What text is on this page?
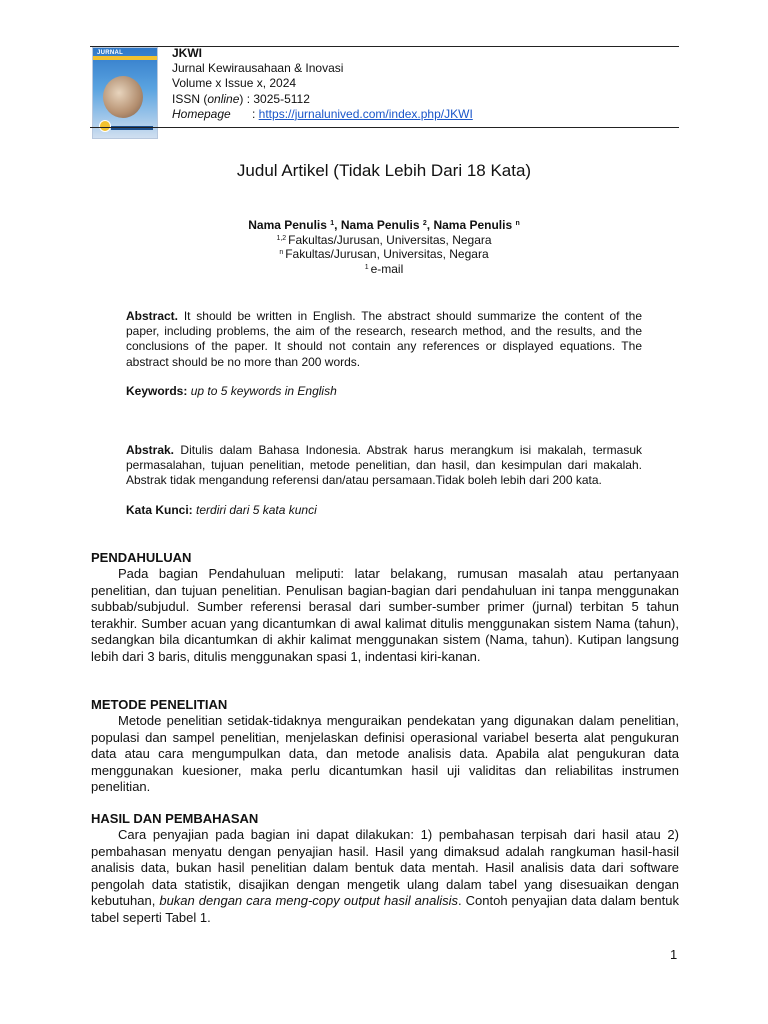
JURNAL	JKWI
Jurnal Kewirausahaan & Inovasi
Volume x Issue x, 2024
ISSN (online) : 3025-5112
Homepage : https://jurnalunived.com/index.php/JKWI
Judul Artikel (Tidak Lebih Dari 18 Kata)
Nama Penulis $^1$, Nama Penulis $^2$, Nama Penulis $^n$
$^{1,2}$ Fakultas/Jurusan, Universitas, Negara
$^n$ Fakultas/Jurusan, Universitas, Negara
$^1$ e-mail
Abstract. It should be written in English. The abstract should summarize the content of the paper, including problems, the aim of the research, research method, and the results, and the conclusions of the paper. It should not contain any references or displayed equations. The abstract should be no more than 200 words.
Keywords: up to 5 keywords in English
Abstrak. Ditulis dalam Bahasa Indonesia. Abstrak harus merangkum isi makalah, termasuk permasalahan, tujuan penelitian, metode penelitian, dan hasil, dan kesimpulan dari makalah. Abstrak tidak mengandung referensi dan/atau persamaan.Tidak boleh lebih dari 200 kata.
Kata Kunci: terdiri dari 5 kata kunci
PENDAHULUAN
Pada bagian Pendahuluan meliputi: latar belakang, rumusan masalah atau pertanyaan penelitian, dan tujuan penelitian. Penulisan bagian-bagian dari pendahuluan ini tanpa menggunakan subbab/subjudul. Sumber referensi berasal dari sumber-sumber primer (jurnal) terbitan 5 tahun terakhir. Sumber acuan yang dicantumkan di awal kalimat ditulis menggunakan sistem Nama (tahun), sedangkan bila dicantumkan di akhir kalimat menggunakan sistem (Nama, tahun). Kutipan langsung lebih dari 3 baris, ditulis menggunakan spasi 1, indentasi kiri-kanan.
METODE PENELITIAN
Metode penelitian setidak-tidaknya menguraikan pendekatan yang digunakan dalam penelitian, populasi dan sampel penelitian, menjelaskan definisi operasional variabel beserta alat pengukuran data atau cara mengumpulkan data, dan metode analisis data. Apabila alat pengukuran data menggunakan kuesioner, maka perlu dicantumkan hasil uji validitas dan reliabilitas instrumen penelitian.
HASIL DAN PEMBAHASAN
Cara penyajian pada bagian ini dapat dilakukan: 1) pembahasan terpisah dari hasil atau 2) pembahasan menyatu dengan penyajian hasil. Hasil yang dimaksud adalah rangkuman hasil-hasil analisis data, bukan hasil penelitian dalam bentuk data mentah. Hasil analisis data dari software pengolah data statistik, disajikan dengan mengetik ulang dalam tabel yang disesuaikan dengan kebutuhan, bukan dengan cara meng-copy output hasil analisis. Contoh penyajian data dalam bentuk tabel seperti Tabel 1.
1
